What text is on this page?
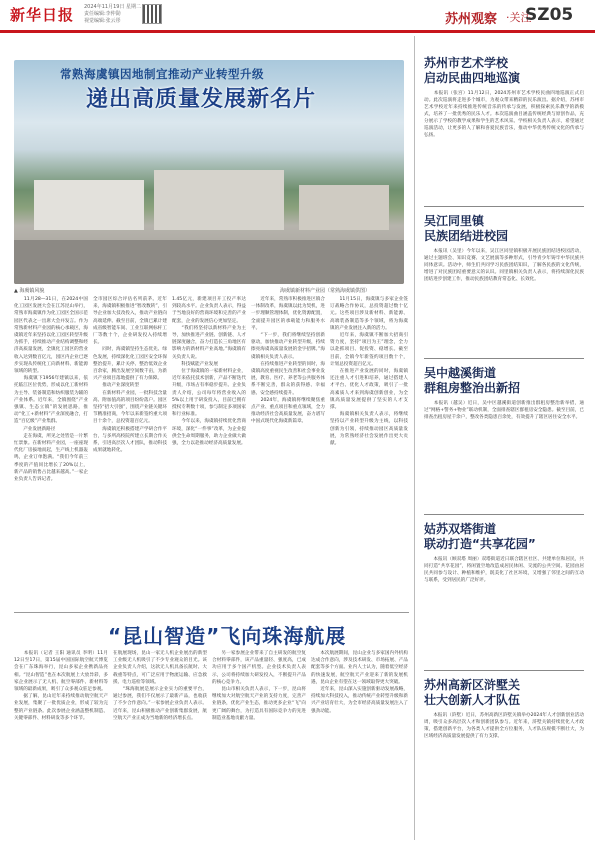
新华日报 2024年11月19日 星期二
责任编辑:李仲勋
视觉编辑:张云彤	苏州观察 ·关注
SZ05
常熟海虞镇因地制宜推动产业转型升级
递出高质量发展新名片
▲ 海虞镇风貌	海虞镇新材料产业园（常熟海虞镇供图）
　　11月28—31日，在2024中国化工园区发展大会在江苏昆山举行，常熟市海虞镇作为化工园区全国示范园区代表之一出席大会并发言。作为常熟新材料产业园的核心承载区，海虞镇近年来坚持以化工园区转型升级为抓手，持续推动产业结构调整和经济高质量发展，全镇化工园区的营业收入达到数百亿元，园区内企业已逐步实现从传统化工向新材料、新能源领域的转型。
　　海虞镇下1956年建镇以来，依托临江区位优势，形成以化工新材料为主导、装备制造和纺织服装为辅的产业体系。近年来，全镇围绕“产业强镇、生态立镇”的发展思路，推动“化工+新材料”产业深度融合，打造“百亿级”产业集群。
　　产业发展新路径
　　走在海虞，所见之处皆是一片繁忙景象。在新材料产业园，一座座现代化厂房拔地而起，生产线上机器轰鸣，企业订单饱满。“我们今年前三季度的产值同比增长了20%以上，新产品的销售占比越来越高。”一家企业负责人告诉记者。
全市园区综合评估名列前茅。近年来，海虞镇积极推进“智改数转”，引导企业加大技改投入，推动产业链向高端延伸。截至目前，全镇已累计建成省级智能车间、工业互联网标杆工厂等数十个，企业研发投入持续增长。
　　同时，海虞镇坚持生态优先、绿色发展，持续深化化工园区安全环保整治提升，累计关停、整治低效企业百余家，腾出发展空间数千亩，为新兴产业项目落地提供了有力保障。
　　推动产业深度转型
　　在新材料产业园，一批科技含量高、附加值高的项目纷纷落户。园区坚持“招大引强”，围绕产业链关键环节精准招商，今年以来新签约重大项目十余个，总投资超百亿元。
　　海虞镇还积极搭建产学研合作平台，与多所高校院所建立长期合作关系，引进高层次人才团队，推动科技成果就地转化。
1.45亿元，新建项目开工投产率达到较高水平。企业负责人表示，得益于当地良好的营商环境和完善的产业配套，企业的发展信心更加坚定。
　　“我们将坚持以新材料产业为主导，加快推进产业链、创新链、人才链深度融合，奋力打造长三角地区有影响力的新材料产业高地。”海虞镇有关负责人说。
　　科技赋能产业发展
　　位于海虞镇的一家新材料企业，近年来依托技术创新，产品不断迭代升级，市场占有率稳步提升。企业负责人介绍，公司每年将营业收入的5%以上用于研发投入，目前已拥有授权专利数十项，参与制定多项国家和行业标准。
　　今年以来，海虞镇持续优化营商环境，深化“一件事”改革，为企业提供全生命周期服务，助力企业做大做强，全力以赴推动经济高质量发展。
　　近年来，常熟市积极推进区镇合一体制改革，海虞镇以此为契机，进一步理顺管理体制，优化资源配置，全面提升园区的承载能力和服务水平。
　　“下一步，我们将继续坚持创新驱动，加快推动产业转型升级，持续擦亮海虞高质量发展的金字招牌。”海虞镇相关负责人表示。
　　在持续推进产业转型的同时，海虞镇高度重视民生改善和社会事业发展，教育、医疗、养老等公共服务体系不断完善，群众的获得感、幸福感、安全感持续提升。
　　2024年，海虞镇将继续聚焦重点产业、重点项目和重点领域，全力推动经济社会高质量发展，奋力谱写中国式现代化海虞新篇章。
　　11月15日，海虞镇与多家企业签订战略合作协议，总投资超过数十亿元。这些项目涉及新材料、新能源、高端装备制造等多个领域，将为海虞镇的产业发展注入新的活力。
　　近年来，海虞镇不断加大招商引资力度，坚持“项目为王”理念，全力以赴抓项目、促投资、稳增长。截至目前，全镇今年新签约项目数十个，计划总投资超百亿元。
　　在推进产业发展的同时，海虞镇还注重人才引进和培养，通过搭建人才平台、优化人才政策，吸引了一批高素质人才来到海虞创新创业，为全镇高质量发展提供了坚实的人才支撑。
　　海虞镇相关负责人表示，将继续坚持以产业转型升级为主线，以科技创新为引领，持续推动园区高质量发展，为常熟经济社会发展作出更大贡献。
“昆山智造”飞向珠海航展
　　本报讯（记者 王阳 通讯员 李明）11月12日至17日，第15届中国国际航空航天博览会在广东珠海举行，昆山多家企业携新品亮相。“昆山智造”也在本次航展上大放异彩，多家企业展示了无人机、航空零部件、新材料等领域的最新成果，吸引了众多观众驻足参观。
　　据了解，昆山近年来持续推动航空航天产业发展，集聚了一批优质企业，形成了较为完整的产业链条。此次参展企业涵盖整机制造、关键零部件、材料研发等多个环节。
在航展现场，昆山一家无人机企业展出的新型工业级无人机吸引了不少专业观众的目光。该企业负责人介绍，这款无人机具备长航时、大载重等特点，可广泛应用于物流运输、应急救援、电力巡检等领域。
　　“珠海航展是展示企业实力的重要平台，通过参展，我们不仅展示了最新产品，也收获了不少合作意向。”一家参展企业负责人表示。近年来，昆山积极推动产业创新集群发展，航空航天产业正成为当地新的经济增长点。
　　另一家参展企业带来了自主研发的航空复合材料零部件，该产品重量轻、强度高，已成功应用于多个国产机型。企业技术负责人表示，公司将持续加大研发投入，不断提升产品的核心竞争力。
　　昆山市相关负责人表示，下一步，昆山将继续加大对航空航天产业的支持力度，完善产业链条，优化产业生态，推动更多企业“飞”向更广阔的舞台，为打造具有国际竞争力的先进制造业基地贡献力量。
　　本次航展期间，昆山企业与多家国内外机构达成合作意向，涉及技术研发、市场拓展、产品配套等多个方面。业内人士认为，随着低空经济的快速发展，航空航天产业迎来了新的发展机遇，昆山企业有望在这一领域取得更大突破。
　　近年来，昆山深入实施创新驱动发展战略，持续加大科技投入，推动传统产业转型升级和新兴产业培育壮大，为全市经济高质量发展注入了强劲动能。
苏州市艺术学校
启动民曲四地巡演
　　本报讯（张宫）11月12日，2024苏州市艺术学校民曲四地巡演正式启动。此次巡演将走进多个城市，为观众带来精彩的民乐演出。据介绍，苏州市艺术学校近年来持续推进传统音乐的传承与发展，积极探索民乐教学的新模式，培养了一批优秀的民乐人才。本次巡演曲目涵盖传统经典与原创作品，充分展示了学校的教学成果和学生的艺术风采。学校相关负责人表示，希望通过巡演活动，让更多的人了解和喜爱民族音乐，推动中华优秀传统文化的传承与弘扬。
吴江同里镇
民族团结进校园
　　本报讯（吴里）今年以来，吴江区同里镇积极开展民族团结进校园活动，通过主题班会、知识竞赛、文艺展演等多种形式，引导青少年铸牢中华民族共同体意识。活动中，师生们共同学习民族团结知识，了解各民族的文化传统，增进了对民族团结重要意义的认识。同里镇相关负责人表示，将持续深化民族团结进步创建工作，推动民族团结教育常态化、长效化。
吴中越溪街道
群租房整治出新招
　　本报讯（越吴）近日，吴中区越溪街道创新推出群租房整治新举措，通过“网格+警务+物业”联动机制，全面排查辖区群租房安全隐患。截至目前，已排查出租房屋千余户，整改各类隐患百余处，有效提升了辖区居住安全水平。
姑苏双塔街道
联动打造“共享花园”
　　本报讯（顾双塔 周丽）双塔街道近日联合辖区社区、共建单位和居民，共同打造“共享花园”，将闲置空地改造成居民休闲、交流的公共空间。花园由居民共同参与设计、种植和维护，既美化了社区环境，又增强了邻里之间的互动与联系，受到居民的广泛好评。
苏州高新区浒墅关
壮大创新人才队伍
　　本报讯（浒墅）近日，苏州高新区浒墅关镇举办2024年人才创新创业活动周，吸引众多高层次人才和创新团队参与。近年来，浒墅关镇持续优化人才政策，搭建创新平台，为各类人才提供全方位服务，人才队伍规模不断壮大，为区域经济高质量发展提供了有力支撑。
